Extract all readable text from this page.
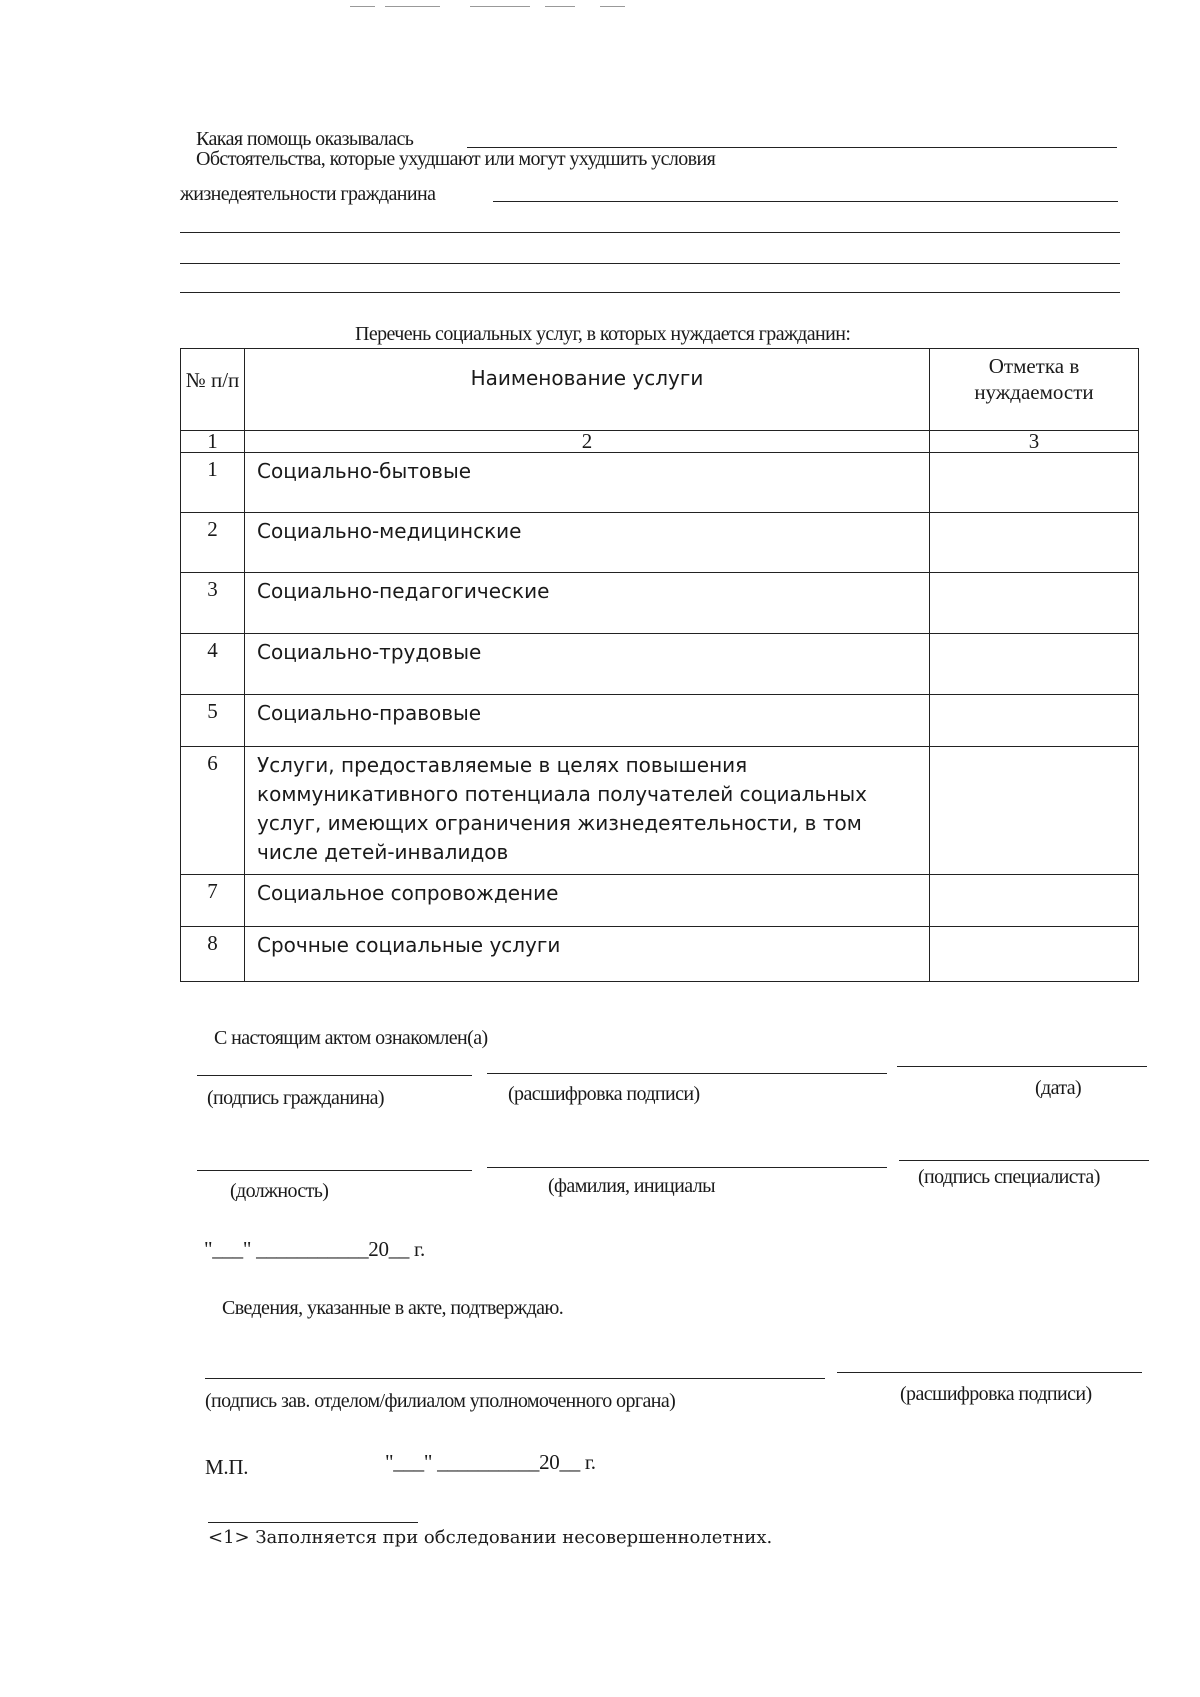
Какая помощь оказывалась
Обстоятельства, которые ухудшают или могут ухудшить условия
жизнедеятельности гражданина
Перечень социальных услуг, в которых нуждается гражданин:
№ п/п	Наименование услуги	Отметка в нуждаемости
1	2	3
1	Социально-бытовые	
2	Социально-медицинские	
3	Социально-педагогические	
4	Социально-трудовые	
5	Социально-правовые	
6	Услуги, предоставляемые в целях повышения коммуникативного потенциала получателей социальных услуг, имеющих ограничения жизнедеятельности, в том числе детей-инвалидов	
7	Социальное сопровождение	
8	Срочные социальные услуги	
С настоящим актом ознакомлен(а)
(подпись гражданина)	(расшифровка подписи)	(дата)
(должность)	(фамилия, инициалы	(подпись специалиста)
"___" ___________20__ г.
Сведения, указанные в акте, подтверждаю.
(подпись зав. отделом/филиалом уполномоченного органа)	(расшифровка подписи)
М.П.	"___" __________20__ г.
<1> Заполняется при обследовании несовершеннолетних.
